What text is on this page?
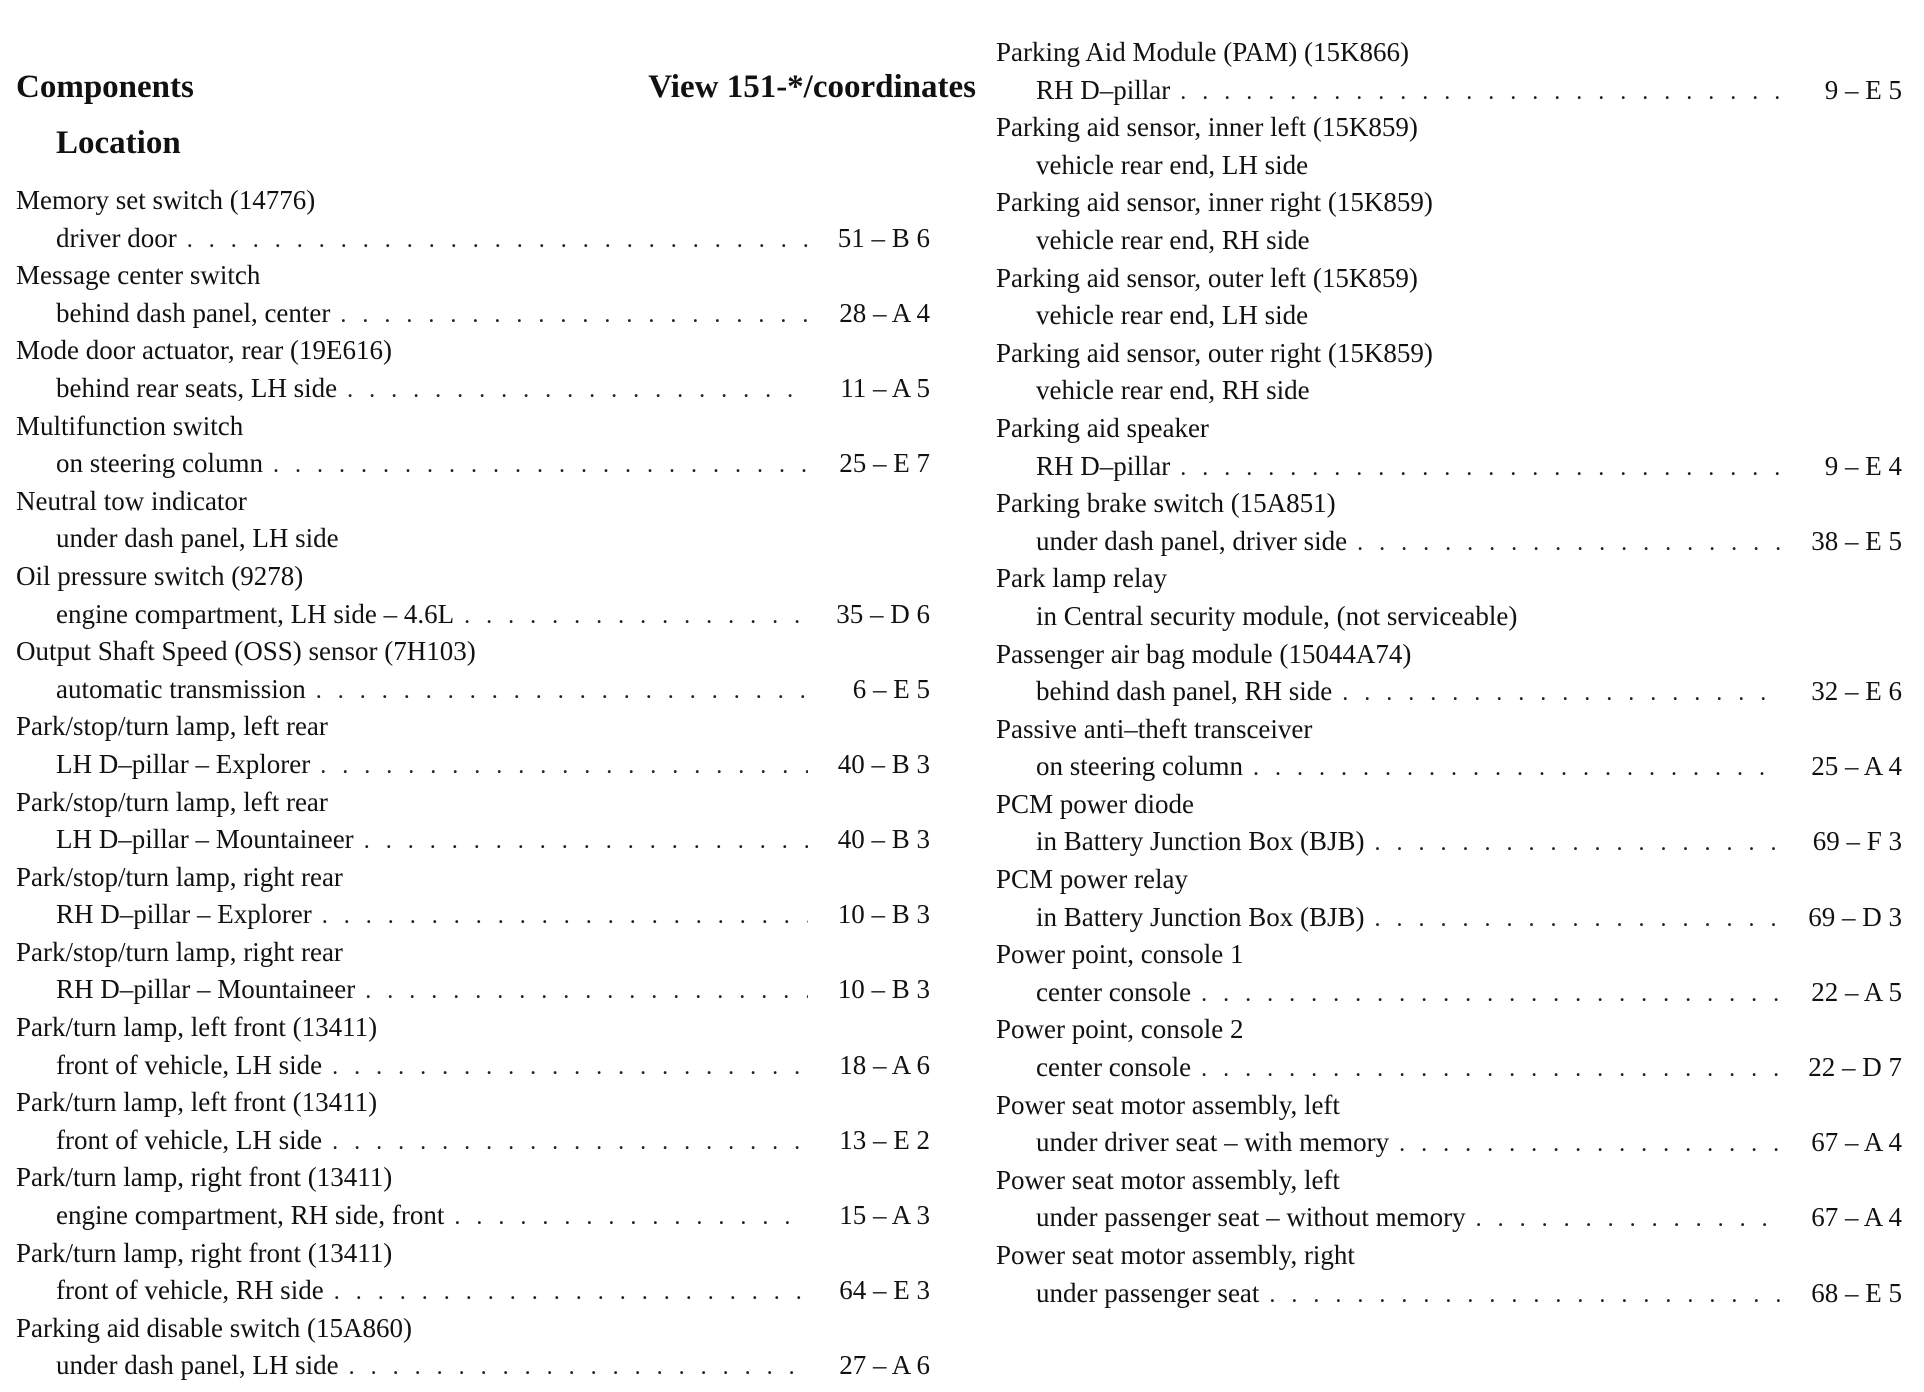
Components	View 151-*/coordinates
Location
Memory set switch (14776)
driver door . . .	51 – B 6
Message center switch
behind dash panel, center . . .	28 – A 4
Mode door actuator, rear (19E616)
behind rear seats, LH side . . .	11 – A 5
Multifunction switch
on steering column . . .	25 – E 7
Neutral tow indicator
under dash panel, LH side
Oil pressure switch (9278)
engine compartment, LH side – 4.6L . . .	35 – D 6
Output Shaft Speed (OSS) sensor (7H103)
automatic transmission . . .	6 – E 5
Park/stop/turn lamp, left rear
LH D–pillar – Explorer . . .	40 – B 3
Park/stop/turn lamp, left rear
LH D–pillar – Mountaineer . . .	40 – B 3
Park/stop/turn lamp, right rear
RH D–pillar – Explorer . . .	10 – B 3
Park/stop/turn lamp, right rear
RH D–pillar – Mountaineer . . .	10 – B 3
Park/turn lamp, left front (13411)
front of vehicle, LH side . . .	18 – A 6
Park/turn lamp, left front (13411)
front of vehicle, LH side . . .	13 – E 2
Park/turn lamp, right front (13411)
engine compartment, RH side, front . . .	15 – A 3
Park/turn lamp, right front (13411)
front of vehicle, RH side . . .	64 – E 3
Parking aid disable switch (15A860)
under dash panel, LH side . . .	27 – A 6
Parking Aid Module (PAM) (15K866)
RH D–pillar . . .	9 – E 5
Parking aid sensor, inner left (15K859)
vehicle rear end, LH side
Parking aid sensor, inner right (15K859)
vehicle rear end, RH side
Parking aid sensor, outer left (15K859)
vehicle rear end, LH side
Parking aid sensor, outer right (15K859)
vehicle rear end, RH side
Parking aid speaker
RH D–pillar . . .	9 – E 4
Parking brake switch (15A851)
under dash panel, driver side . . .	38 – E 5
Park lamp relay
in Central security module, (not serviceable)
Passenger air bag module (15044A74)
behind dash panel, RH side . . .	32 – E 6
Passive anti–theft transceiver
on steering column . . .	25 – A 4
PCM power diode
in Battery Junction Box (BJB) . . .	69 – F 3
PCM power relay
in Battery Junction Box (BJB) . . .	69 – D 3
Power point, console 1
center console . . .	22 – A 5
Power point, console 2
center console . . .	22 – D 7
Power seat motor assembly, left
under driver seat – with memory . . .	67 – A 4
Power seat motor assembly, left
under passenger seat – without memory . . .	67 – A 4
Power seat motor assembly, right
under passenger seat . . .	68 – E 5
